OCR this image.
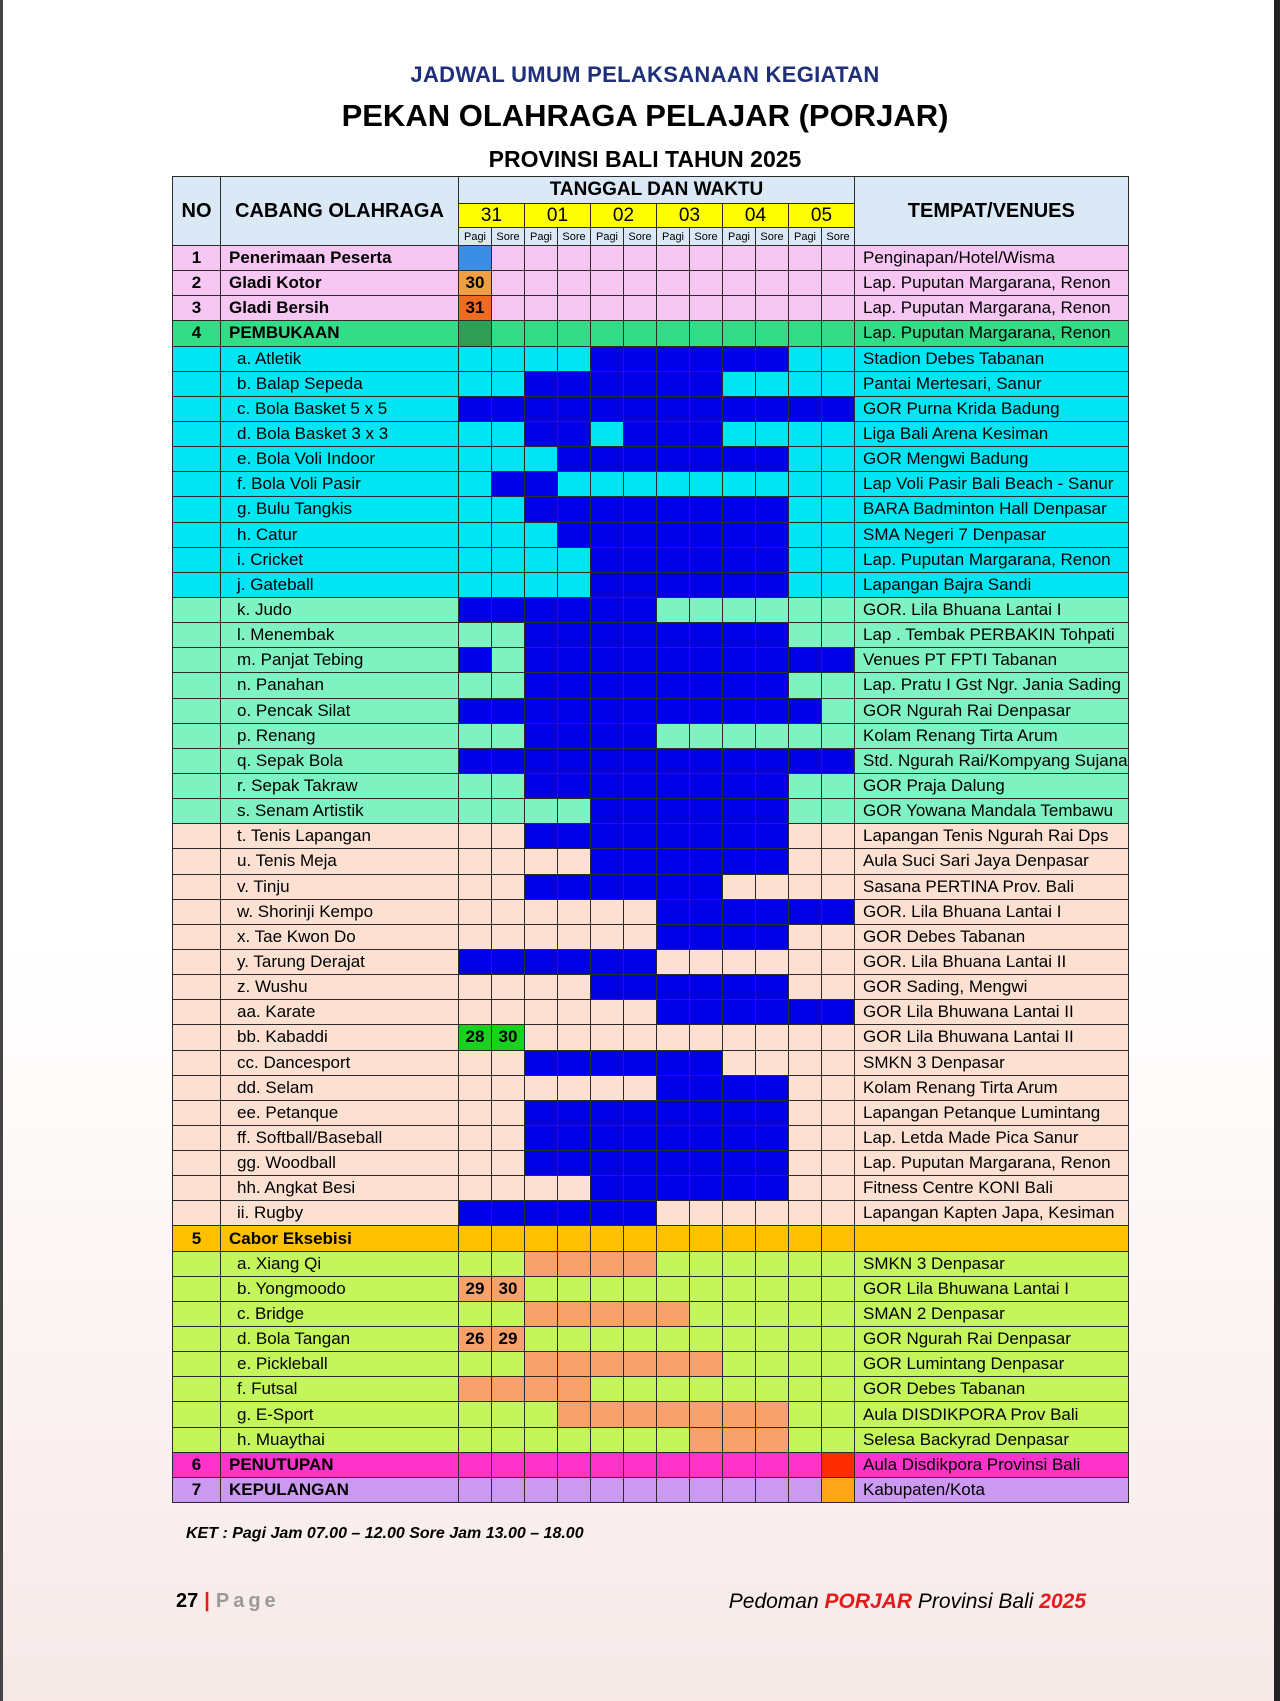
JADWAL UMUM PELAKSANAAN KEGIATAN
PEKAN OLAHRAGA PELAJAR (PORJAR)
PROVINSI BALI TAHUN 2025
NO	CABANG OLAHRAGA	TANGGAL DAN WAKTU												TEMPAT/VENUES
		31		01		02		03		04		05		
		Pagi	Sore	Pagi	Sore	Pagi	Sore	Pagi	Sore	Pagi	Sore	Pagi	Sore	
1	Penerimaan Peserta													Penginapan/Hotel/Wisma
2	Gladi Kotor	30												Lap. Puputan Margarana, Renon
3	Gladi Bersih	31												Lap. Puputan Margarana, Renon
4	PEMBUKAAN													Lap. Puputan Margarana, Renon
	a. Atletik													Stadion Debes Tabanan
	b. Balap Sepeda													Pantai Mertesari, Sanur
	c. Bola Basket 5 x 5													GOR Purna Krida Badung
	d. Bola Basket 3 x 3													Liga Bali Arena Kesiman
	e. Bola Voli Indoor													GOR Mengwi Badung
	f. Bola Voli Pasir													Lap Voli Pasir Bali Beach - Sanur
	g. Bulu Tangkis													BARA Badminton Hall Denpasar
	h. Catur													SMA Negeri 7 Denpasar
	i. Cricket													Lap. Puputan Margarana, Renon
	j. Gateball													Lapangan Bajra Sandi
	k. Judo													GOR. Lila Bhuana Lantai I
	l. Menembak													Lap . Tembak PERBAKIN Tohpati
	m. Panjat Tebing													Venues PT FPTI Tabanan
	n. Panahan													Lap. Pratu I Gst Ngr. Jania Sading
	o. Pencak Silat													GOR Ngurah Rai Denpasar
	p. Renang													Kolam Renang Tirta Arum
	q. Sepak Bola													Std. Ngurah Rai/Kompyang Sujana
	r. Sepak Takraw													GOR Praja Dalung
	s. Senam Artistik													GOR Yowana Mandala Tembawu
	t. Tenis Lapangan													Lapangan Tenis Ngurah Rai Dps
	u. Tenis Meja													Aula Suci Sari Jaya Denpasar
	v. Tinju													Sasana PERTINA Prov. Bali
	w. Shorinji Kempo													GOR. Lila Bhuana Lantai I
	x. Tae Kwon Do													GOR Debes Tabanan
	y. Tarung Derajat													GOR. Lila Bhuana Lantai II
	z. Wushu													GOR Sading, Mengwi
	aa. Karate													GOR Lila Bhuwana Lantai II
	bb. Kabaddi	28	30											GOR Lila Bhuwana Lantai II
	cc. Dancesport													SMKN 3 Denpasar
	dd. Selam													Kolam Renang Tirta Arum
	ee. Petanque													Lapangan Petanque Lumintang
	ff. Softball/Baseball													Lap. Letda Made Pica Sanur
	gg. Woodball													Lap. Puputan Margarana, Renon
	hh. Angkat Besi													Fitness Centre KONI Bali
	ii. Rugby													Lapangan Kapten Japa, Kesiman
5	Cabor Eksebisi													
	a. Xiang Qi													SMKN 3 Denpasar
	b. Yongmoodo	29	30											GOR Lila Bhuwana Lantai I
	c. Bridge													SMAN 2 Denpasar
	d. Bola Tangan	26	29											GOR Ngurah Rai Denpasar
	e. Pickleball													GOR Lumintang Denpasar
	f. Futsal													GOR Debes Tabanan
	g. E-Sport													Aula DISDIKPORA Prov Bali
	h. Muaythai													Selesa Backyrad Denpasar
6	PENUTUPAN													Aula Disdikpora Provinsi Bali
7	KEPULANGAN													Kabupaten/Kota
KET : Pagi Jam 07.00 – 12.00 Sore Jam 13.00 – 18.00
27 | Page	Pedoman PORJAR Provinsi Bali 2025
